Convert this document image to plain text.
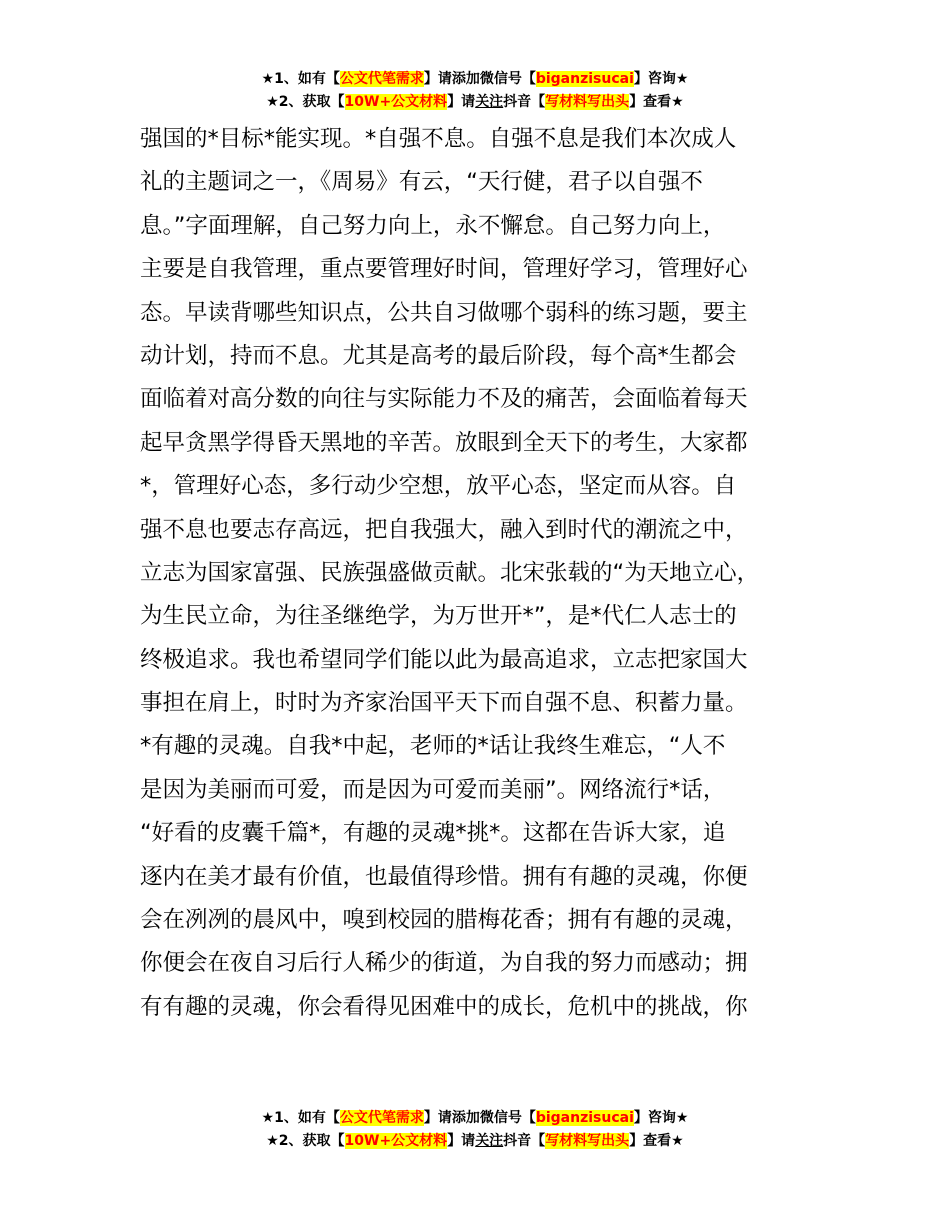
★1、如有【公文代笔需求】请添加微信号【biganzisucai】咨询★
★2、获取【10W+公文材料】请关注抖音【写材料写出头】查看★
强国的*目标*能实现。*自强不息。自强不息是我们本次成人
礼的主题词之一，《周易》有云，“天行健，君子以自强不
息。”字面理解，自己努力向上，永不懈怠。自己努力向上，
主要是自我管理，重点要管理好时间，管理好学习，管理好心
态。早读背哪些知识点，公共自习做哪个弱科的练习题，要主
动计划，持而不息。尤其是高考的最后阶段，每个高*生都会
面临着对高分数的向往与实际能力不及的痛苦，会面临着每天
起早贪黑学得昏天黑地的辛苦。放眼到全天下的考生，大家都
*，管理好心态，多行动少空想，放平心态，坚定而从容。自
强不息也要志存高远，把自我强大，融入到时代的潮流之中，
立志为国家富强、民族强盛做贡献。北宋张载的“为天地立心，
为生民立命，为往圣继绝学，为万世开*”，是*代仁人志士的
终极追求。我也希望同学们能以此为最高追求，立志把家国大
事担在肩上，时时为齐家治国平天下而自强不息、积蓄力量。
*有趣的灵魂。自我*中起，老师的*话让我终生难忘，“人不
是因为美丽而可爱，而是因为可爱而美丽”。网络流行*话，
“好看的皮囊千篇*，有趣的灵魂*挑*。这都在告诉大家，追
逐内在美才最有价值，也最值得珍惜。拥有有趣的灵魂，你便
会在冽冽的晨风中，嗅到校园的腊梅花香；拥有有趣的灵魂，
你便会在夜自习后行人稀少的街道，为自我的努力而感动；拥
有有趣的灵魂，你会看得见困难中的成长，危机中的挑战，你
★1、如有【公文代笔需求】请添加微信号【biganzisucai】咨询★
★2、获取【10W+公文材料】请关注抖音【写材料写出头】查看★
